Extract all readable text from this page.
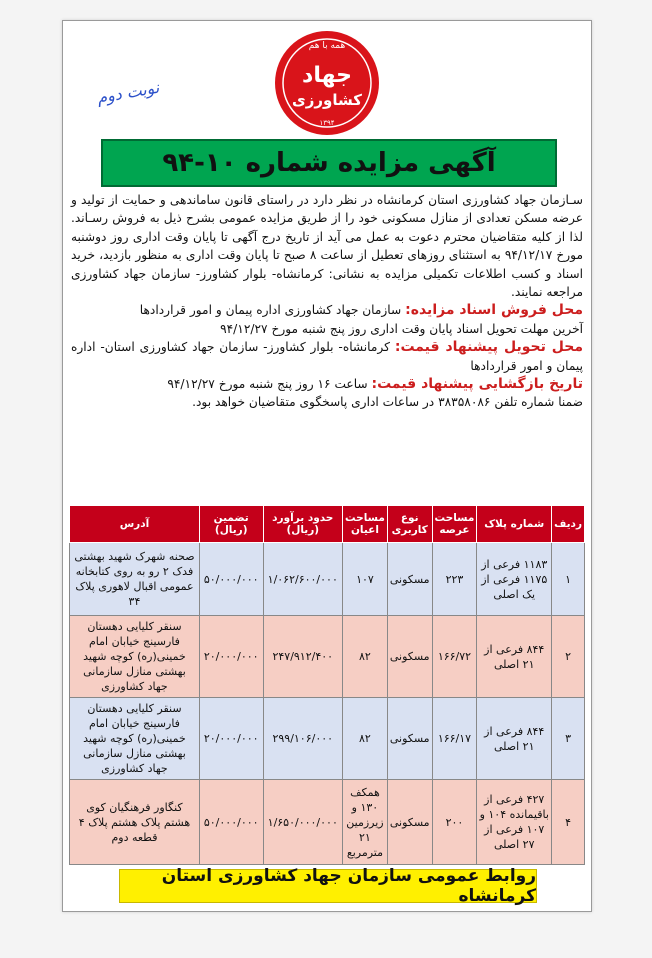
همه با هم
جهاد
کشاورزی
۱۳۹۴
نوبت دوم
آگهی مزایده شماره ۱۰-۹۴

سـازمان جهاد کشاورزی استان کرمانشاه در نظر دارد در راستای قانون ساماندهی و حمایت از تولید و عرضه مسکن تعدادی از منازل مسکونی خود را از طریق مزایده عمومی بشرح ذیل به فروش رسـاند. لذا از کلیه متقاضیان محترم دعوت به عمل می آید از تاریخ درج آگهی تا پایان وقت اداری روز دوشنبه مورخ ۹۴/۱۲/۱۷ به استثنای روزهای تعطیل از ساعت ۸ صبح تا پایان وقت اداری به منظور بازدید، خرید اسناد و کسب اطلاعات تکمیلی مزایده به نشانی: کرمانشاه- بلوار کشاورز- سازمان جهاد کشاورزی مراجعه نمایند.

محل فروش اسناد مزایده: سازمان جهاد کشاورزی اداره پیمان و امور قراردادها

آخرین مهلت تحویل اسناد پایان وقت اداری روز پنج شنبه مورخ ۹۴/۱۲/۲۷

محل تحویل پیشنهاد قیمت: کرمانشاه- بلوار کشاورز- سازمان جهاد کشاورزی استان- اداره پیمان و امور قراردادها

تاریخ بازگشایی پیشنهاد قیمت: ساعت ۱۶ روز پنج شنبه مورخ ۹۴/۱۲/۲۷

ضمنا شماره تلفن ۳۸۳۵۸۰۸۶ در ساعات اداری پاسخگوی متقاضیان خواهد بود.

ردیف	شماره پلاک	مساحت عرصه	نوع کاربری	مساحت اعیان	حدود برآورد (ریال)	تضمین (ریال)	آدرس
۱	۱۱۸۳ فرعی از ۱۱۷۵ فرعی از یک اصلی	۲۲۳	مسکونی	۱۰۷	۱/۰۶۲/۶۰۰/۰۰۰	۵۰/۰۰۰/۰۰۰	صحنه شهرک شهید بهشتی فدک ۲ رو به روی کتابخانه عمومی اقبال لاهوری پلاک ۳۴
۲	۸۴۴ فرعی از ۲۱ اصلی	۱۶۶/۷۲	مسکونی	۸۲	۲۴۷/۹۱۲/۴۰۰	۲۰/۰۰۰/۰۰۰	سنقر کلیایی دهستان فارسینج خیابان امام خمینی(ره) کوچه شهید بهشتی منازل سازمانی جهاد کشاورزی
۳	۸۴۴ فرعی از ۲۱ اصلی	۱۶۶/۱۷	مسکونی	۸۲	۲۹۹/۱۰۶/۰۰۰	۲۰/۰۰۰/۰۰۰	سنقر کلیایی دهستان فارسینج خیابان امام خمینی(ره) کوچه شهید بهشتی منازل سازمانی جهاد کشاورزی
۴	۴۲۷ فرعی از باقیمانده ۱۰۴ و ۱۰۷ فرعی از ۲۷ اصلی	۲۰۰	مسکونی	همکف ۱۳۰ و زیرزمین ۲۱ مترمربع	۱/۶۵۰/۰۰۰/۰۰۰	۵۰/۰۰۰/۰۰۰	کنگاور فرهنگیان کوی هشتم پلاک هشتم پلاک ۴ قطعه دوم
روابط عمومی سازمان جهاد کشاورزی استان کرمانشاه
